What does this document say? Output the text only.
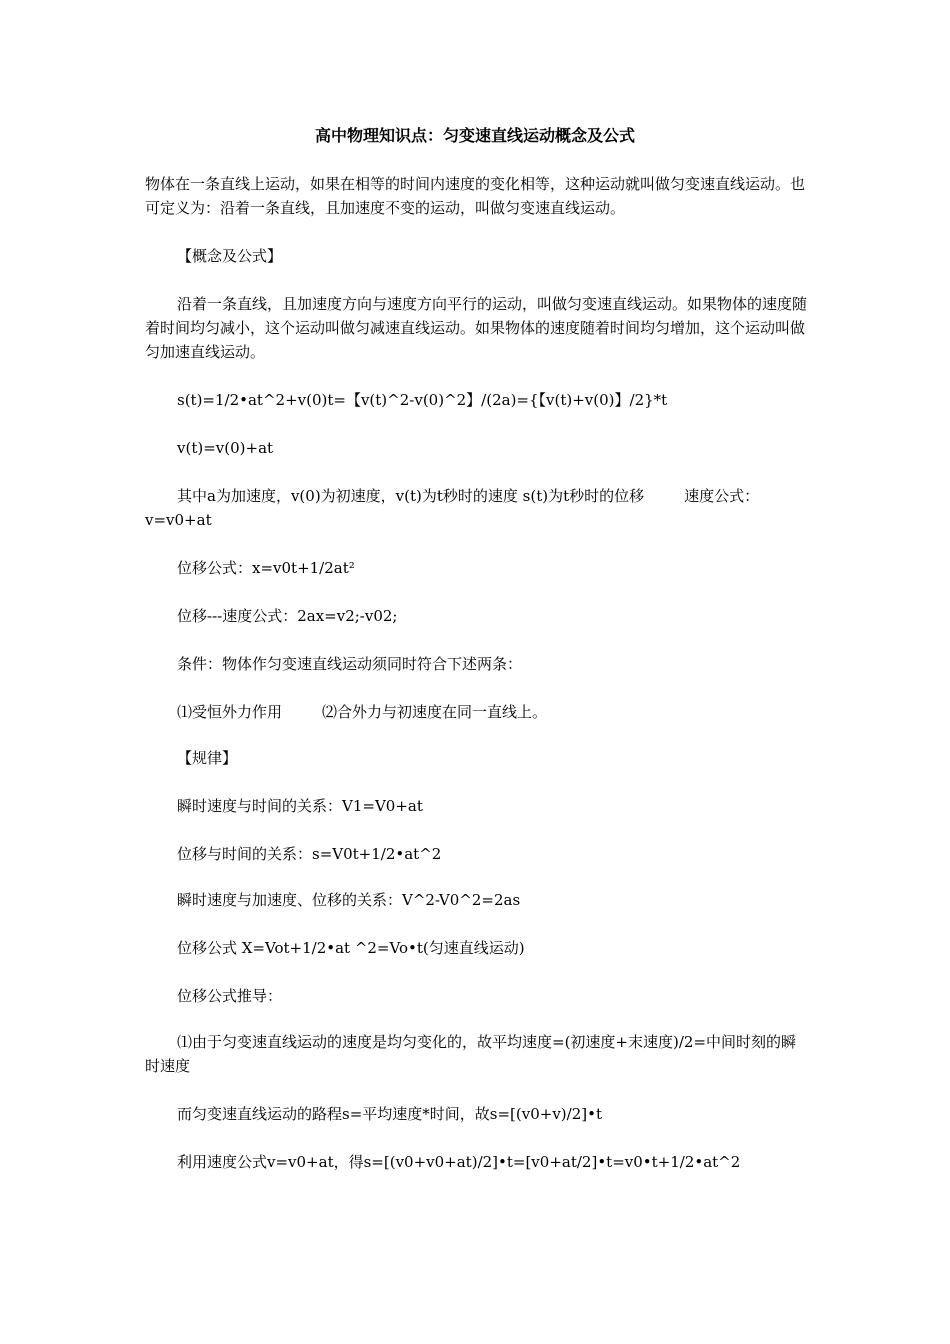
高中物理知识点：匀变速直线运动概念及公式

物体在一条直线上运动，如果在相等的时间内速度的变化相等，这种运动就叫做匀变速直线运动。也可定义为：沿着一条直线，且加速度不变的运动，叫做匀变速直线运动。

【概念及公式】

沿着一条直线，且加速度方向与速度方向平行的运动，叫做匀变速直线运动。如果物体的速度随着时间均匀减小，这个运动叫做匀减速直线运动。如果物体的速度随着时间均匀增加，这个运动叫做匀加速直线运动。

s(t)=1/2•at^2+v(0)t=【v(t)^2-v(0)^2】/(2a)={【v(t)+v(0)】/2}*t

v(t)=v(0)+at

其中a为加速度，v(0)为初速度，v(t)为t秒时的速度 s(t)为t秒时的位移	速度公式：v=v0+at

位移公式：x=v0t+1/2at²

位移---速度公式：2ax=v2;-v02;

条件：物体作匀变速直线运动须同时符合下述两条：

⑴受恒外力作用	⑵合外力与初速度在同一直线上。

【规律】

瞬时速度与时间的关系：V1=V0+at

位移与时间的关系：s=V0t+1/2•at^2

瞬时速度与加速度、位移的关系：V^2-V0^2=2as

位移公式 X=Vot+1/2•at ^2=Vo•t(匀速直线运动)

位移公式推导：

⑴由于匀变速直线运动的速度是均匀变化的，故平均速度=(初速度+末速度)/2=中间时刻的瞬时速度

而匀变速直线运动的路程s=平均速度*时间，故s=[(v0+v)/2]•t

利用速度公式v=v0+at，得s=[(v0+v0+at)/2]•t=[v0+at/2]•t=v0•t+1/2•at^2
